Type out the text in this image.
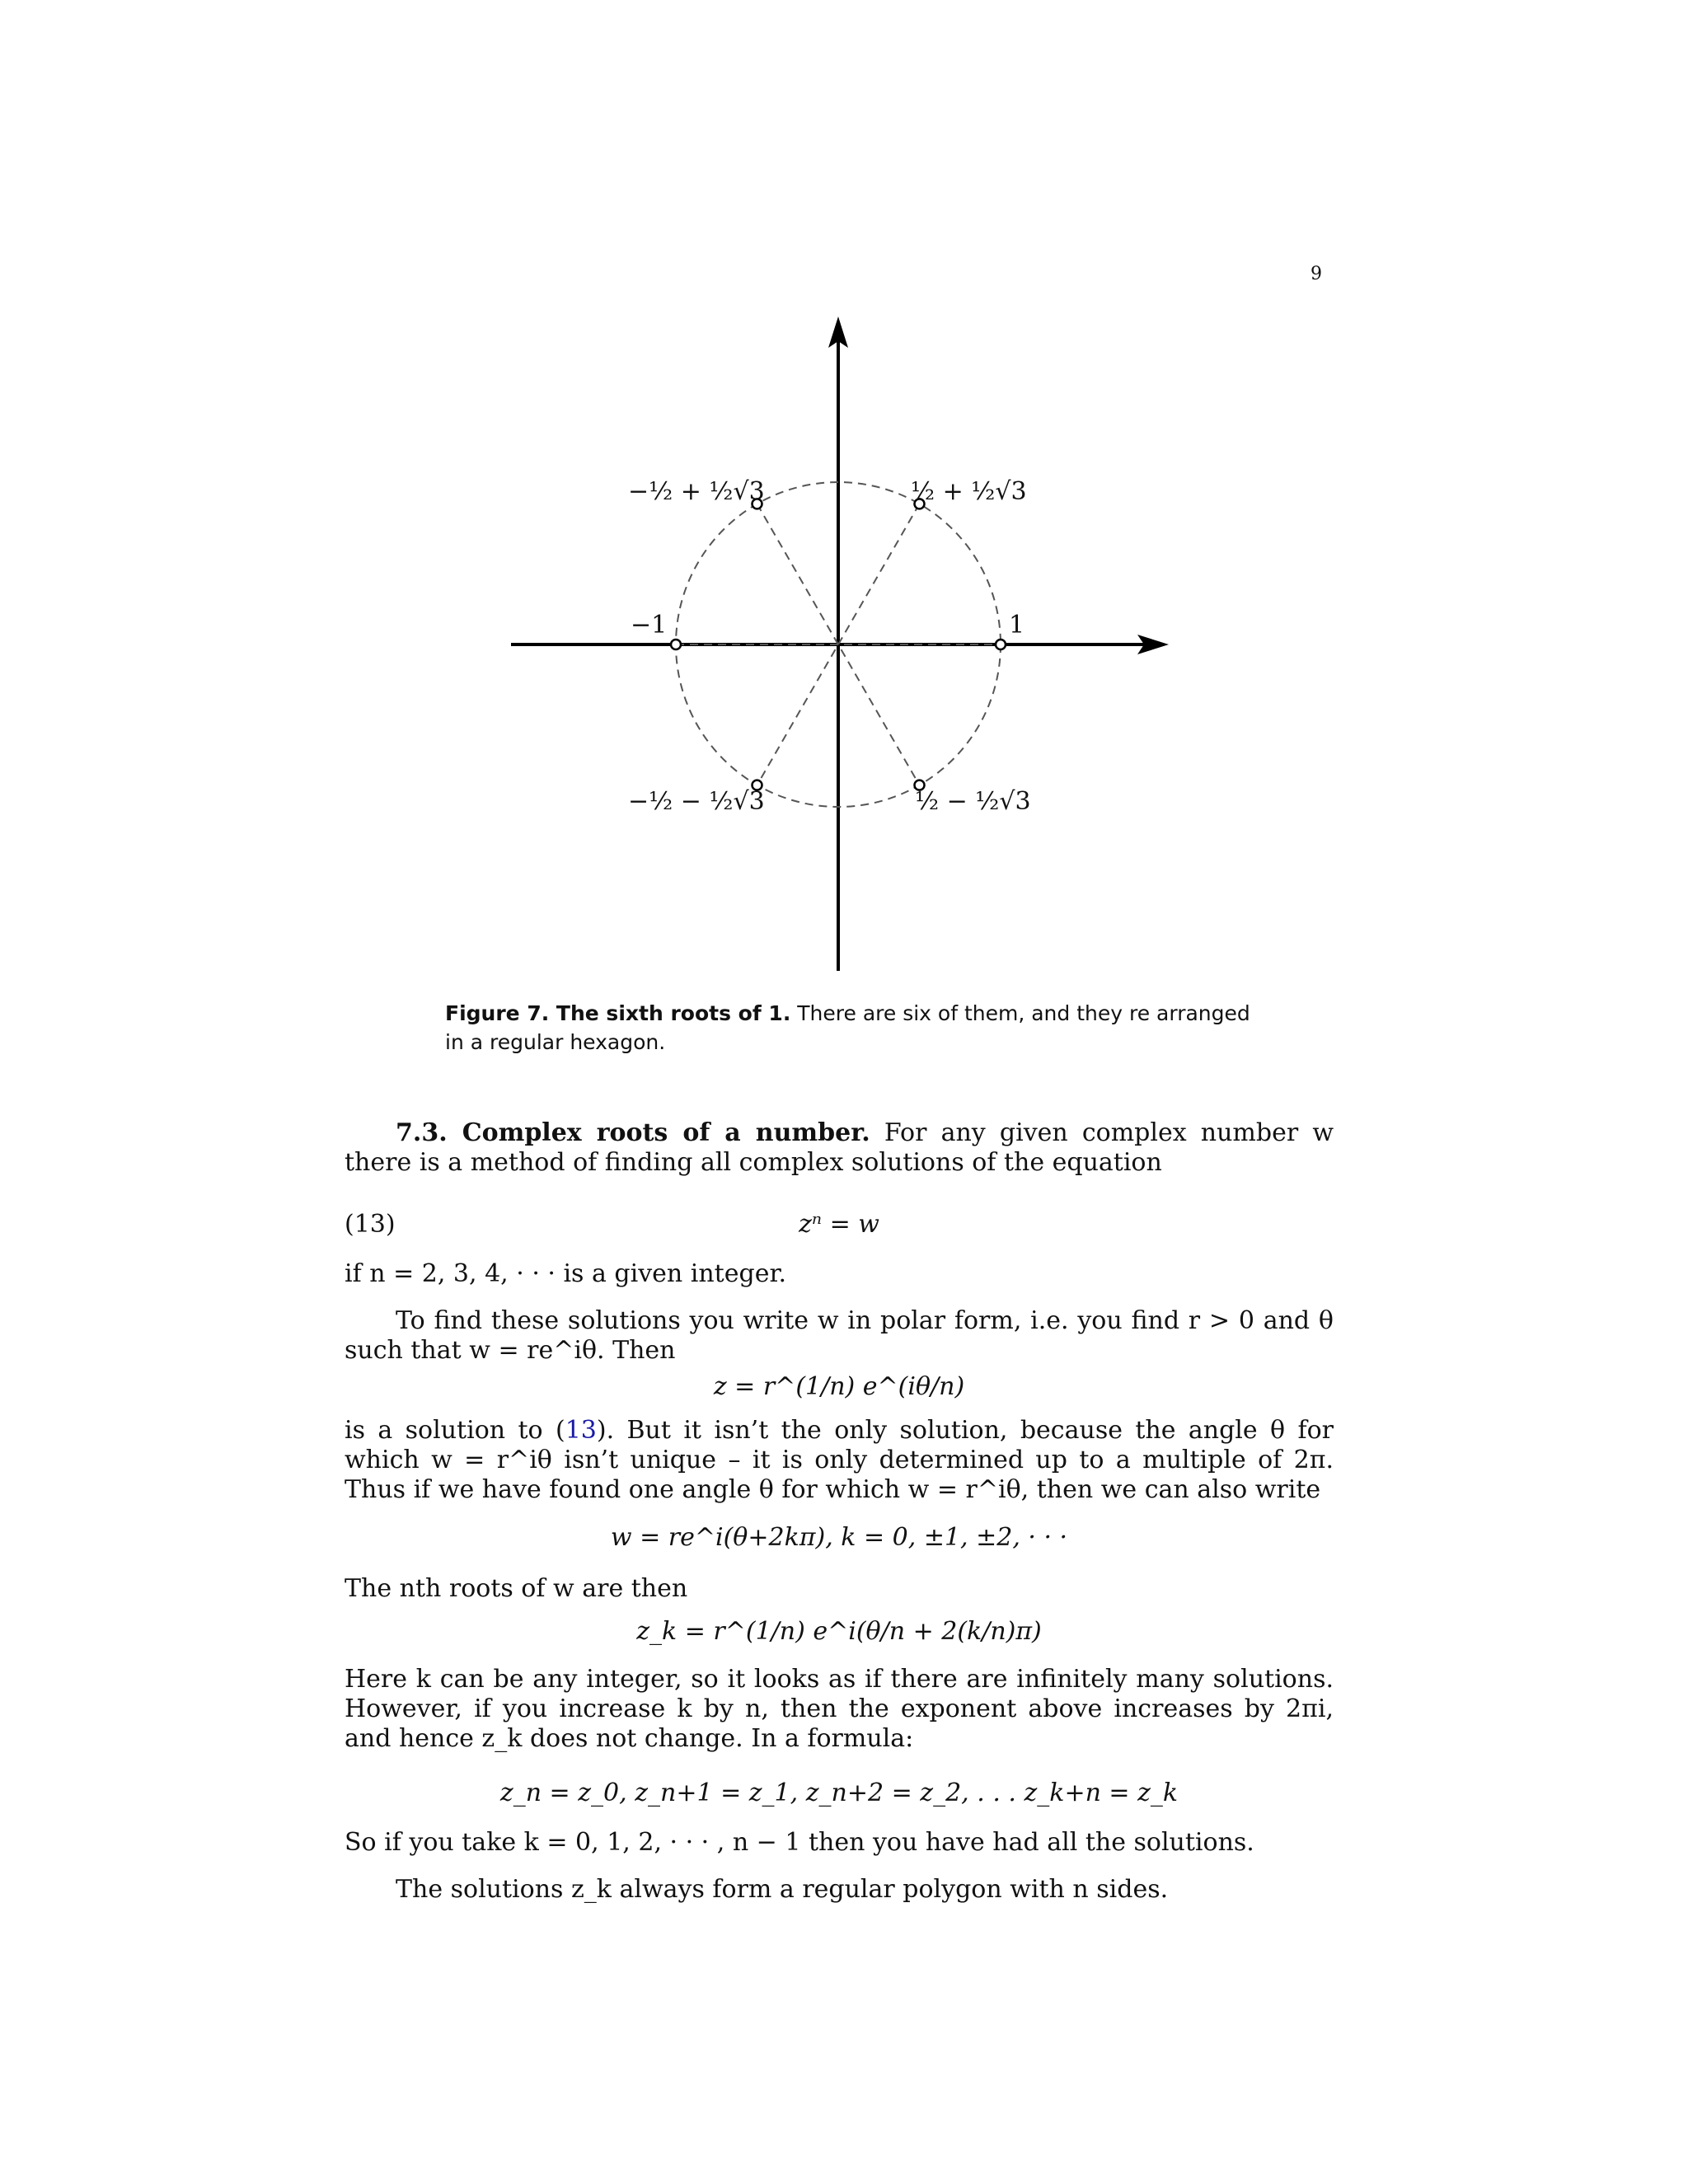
9
1
−1
½ + ½√3
−½ + ½√3
−½ − ½√3	½ − ½√3
Figure 7. The sixth roots of 1. There are six of them, and they re arranged in a regular hexagon.
7.3. Complex roots of a number. For any given complex number w there is a method of finding all complex solutions of the equation
(13)	zⁿ = w
if n = 2, 3, 4, · · · is a given integer.
To find these solutions you write w in polar form, i.e. you find r > 0 and θ such that w = re^iθ. Then
z = r^(1/n) e^(iθ/n)
is a solution to (13). But it isn’t the only solution, because the angle θ for which w = r^iθ isn’t unique – it is only determined up to a multiple of 2π. Thus if we have found one angle θ for which w = r^iθ, then we can also write
w = re^i(θ+2kπ), k = 0, ±1, ±2, · · ·
The nth roots of w are then
z_k = r^(1/n) e^i(θ/n + 2(k/n)π)
Here k can be any integer, so it looks as if there are infinitely many solutions. However, if you increase k by n, then the exponent above increases by 2πi, and hence z_k does not change. In a formula:
z_n = z_0, z_n+1 = z_1, z_n+2 = z_2, . . . z_k+n = z_k
So if you take k = 0, 1, 2, · · · , n − 1 then you have had all the solutions.
The solutions z_k always form a regular polygon with n sides.
